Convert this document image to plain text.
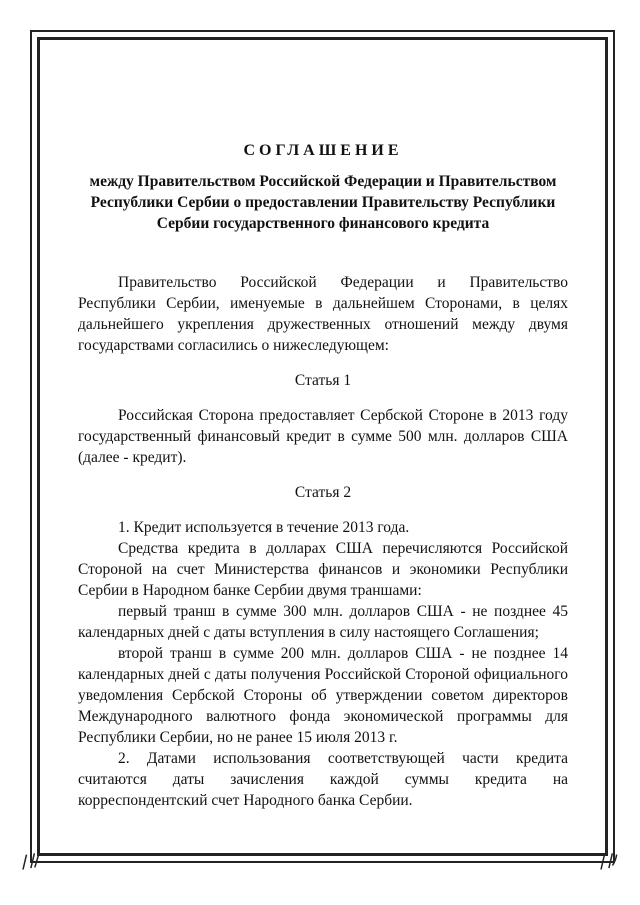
СОГЛАШЕНИЕ
между Правительством Российской Федерации и Правительством Республики Сербии о предоставлении Правительству Республики Сербии государственного финансового кредита

Правительство Российской Федерации и Правительство Республики Сербии, именуемые в дальнейшем Сторонами, в целях дальнейшего укрепления дружественных отношений между двумя государствами согласились о нижеследующем:

Статья 1

Российская Сторона предоставляет Сербской Стороне в 2013 году государственный финансовый кредит в сумме 500 млн. долларов США (далее - кредит).

Статья 2

1. Кредит используется в течение 2013 года.

Средства кредита в долларах США перечисляются Российской Стороной на счет Министерства финансов и экономики Республики Сербии в Народном банке Сербии двумя траншами:

первый транш в сумме 300 млн. долларов США - не позднее 45 календарных дней с даты вступления в силу настоящего Соглашения;

второй транш в сумме 200 млн. долларов США - не позднее 14 календарных дней с даты получения Российской Стороной официального уведомления Сербской Стороны об утверждении советом директоров Международного валютного фонда экономической программы для Республики Сербии, но не ранее 15 июля 2013 г.

2. Датами использования соответствующей части кредита считаются даты зачисления каждой суммы кредита на корреспондентский счет Народного банка Сербии.
